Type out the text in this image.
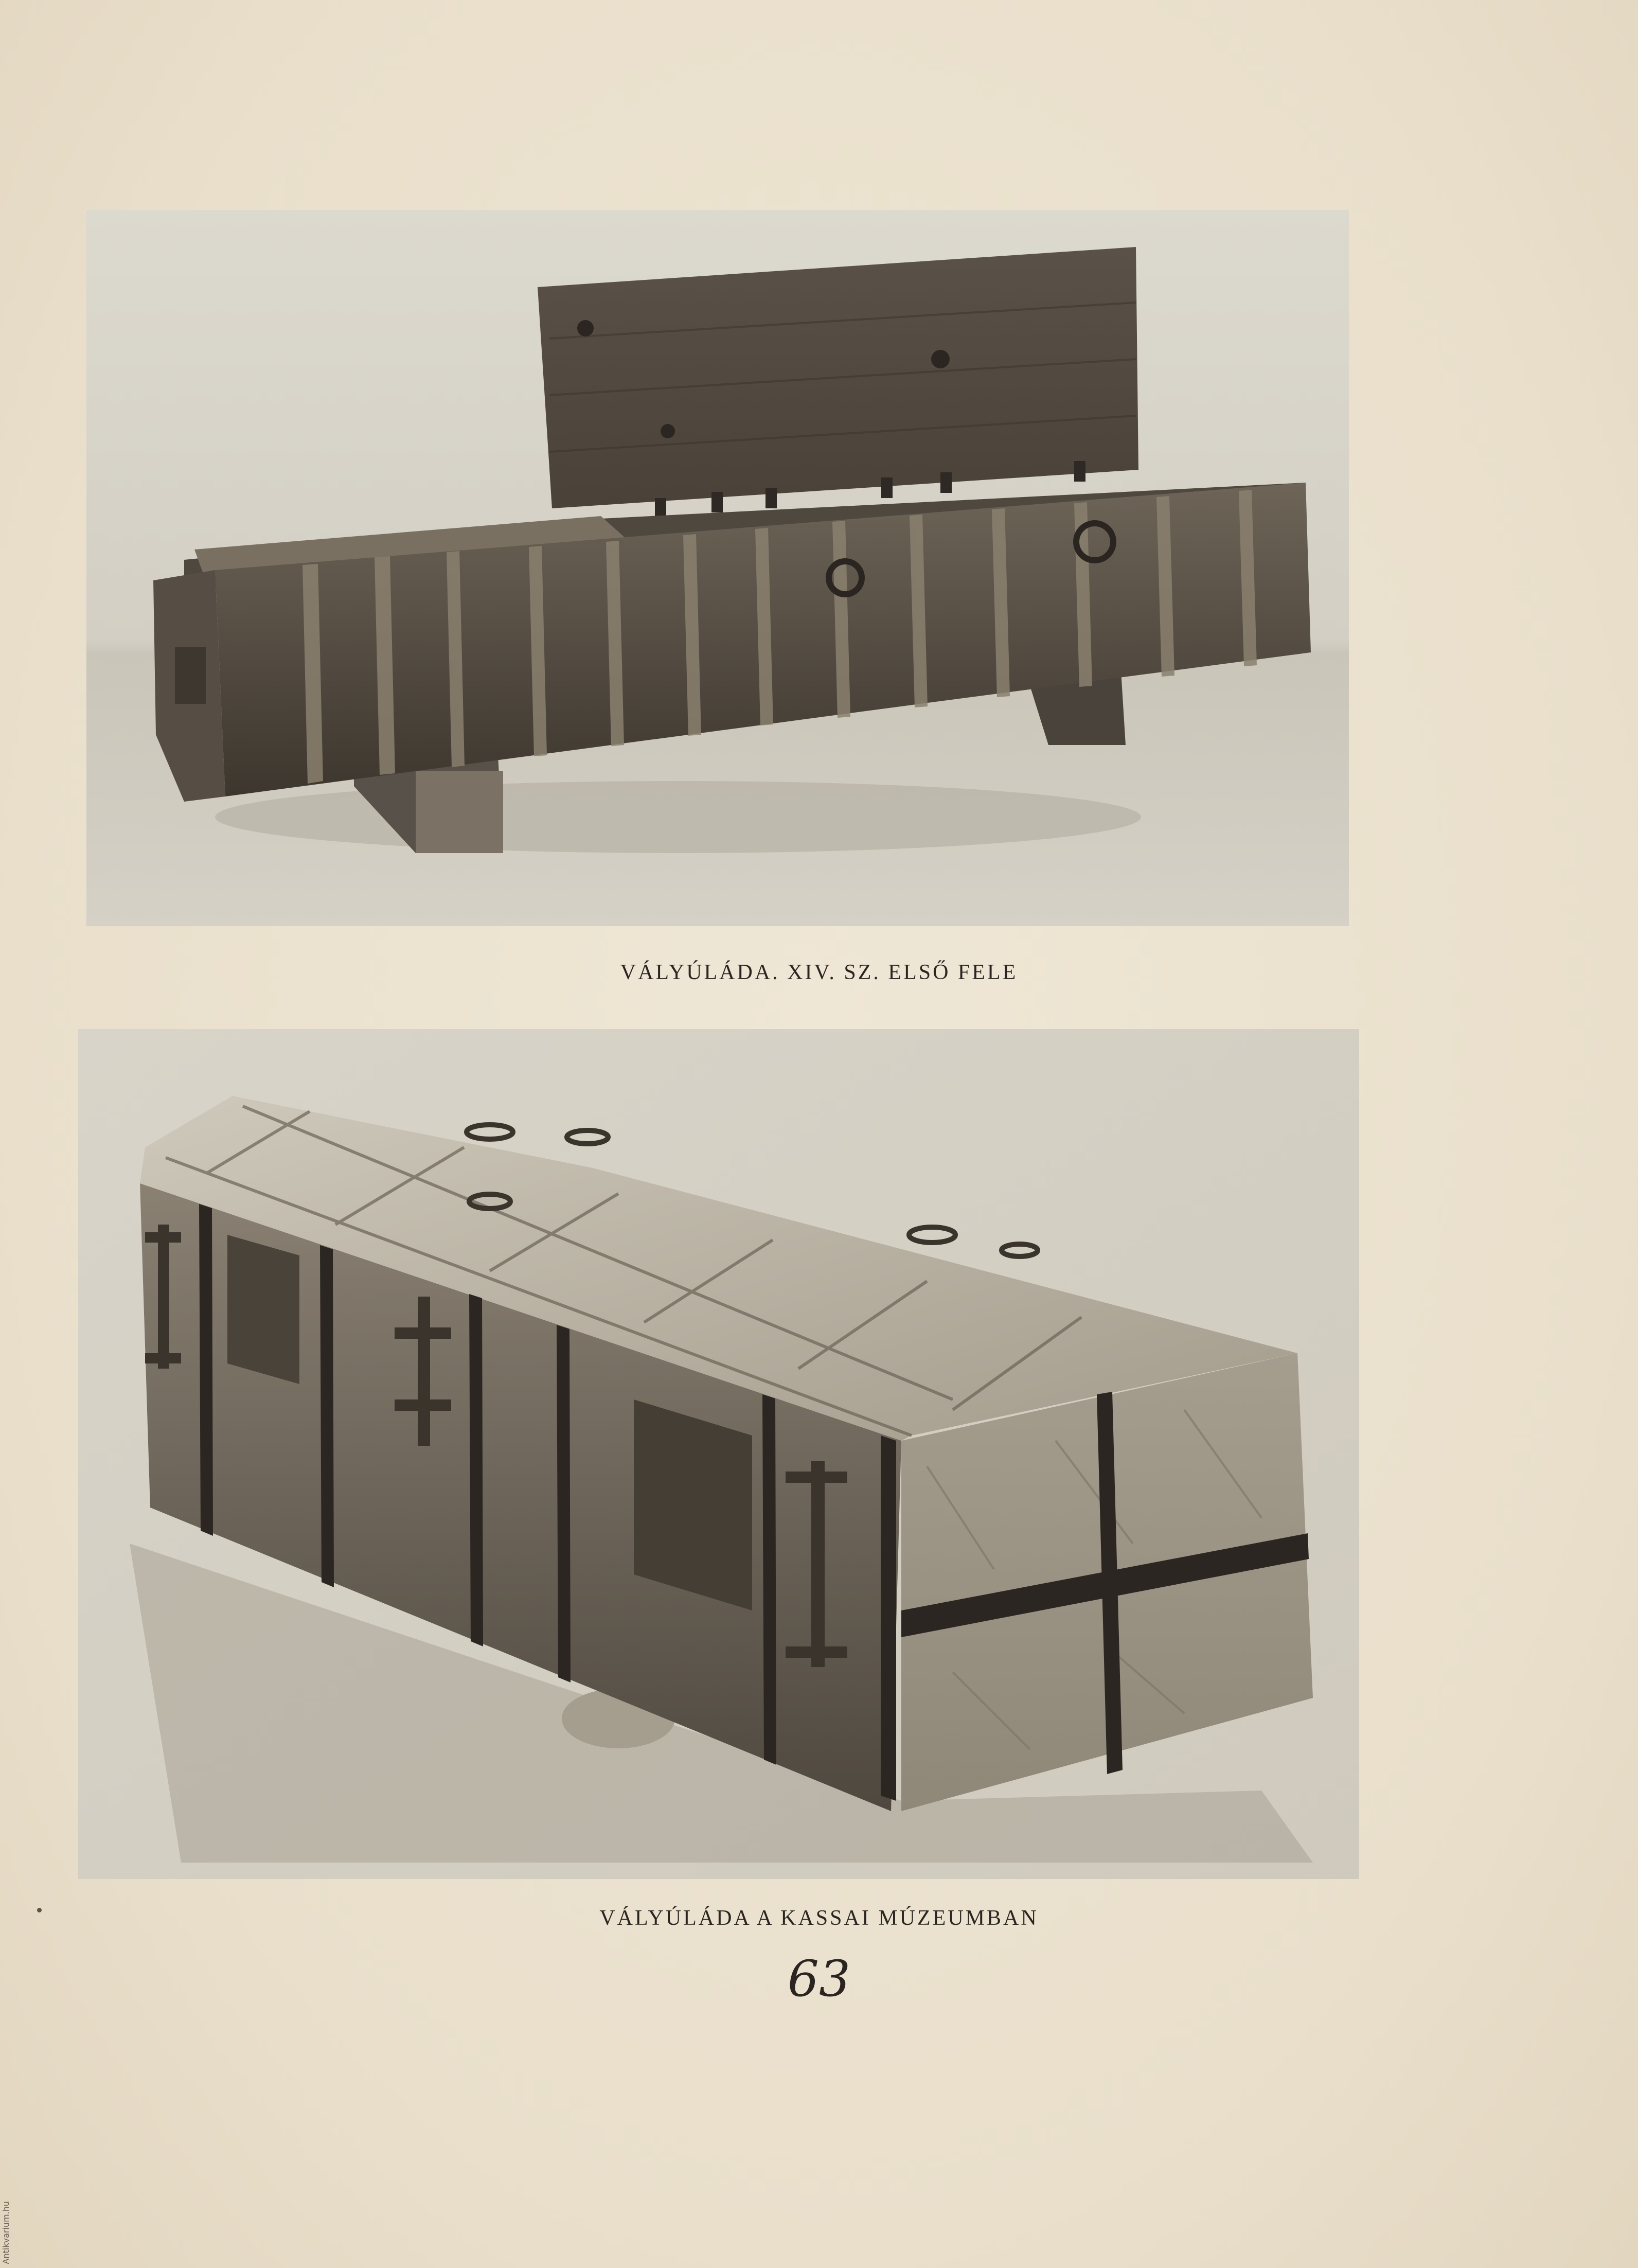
VÁLYÚLÁDA. XIV. SZ. ELSŐ FELE
VÁLYÚLÁDA A KASSAI MÚZEUMBAN
63
Antikvarium.hu
